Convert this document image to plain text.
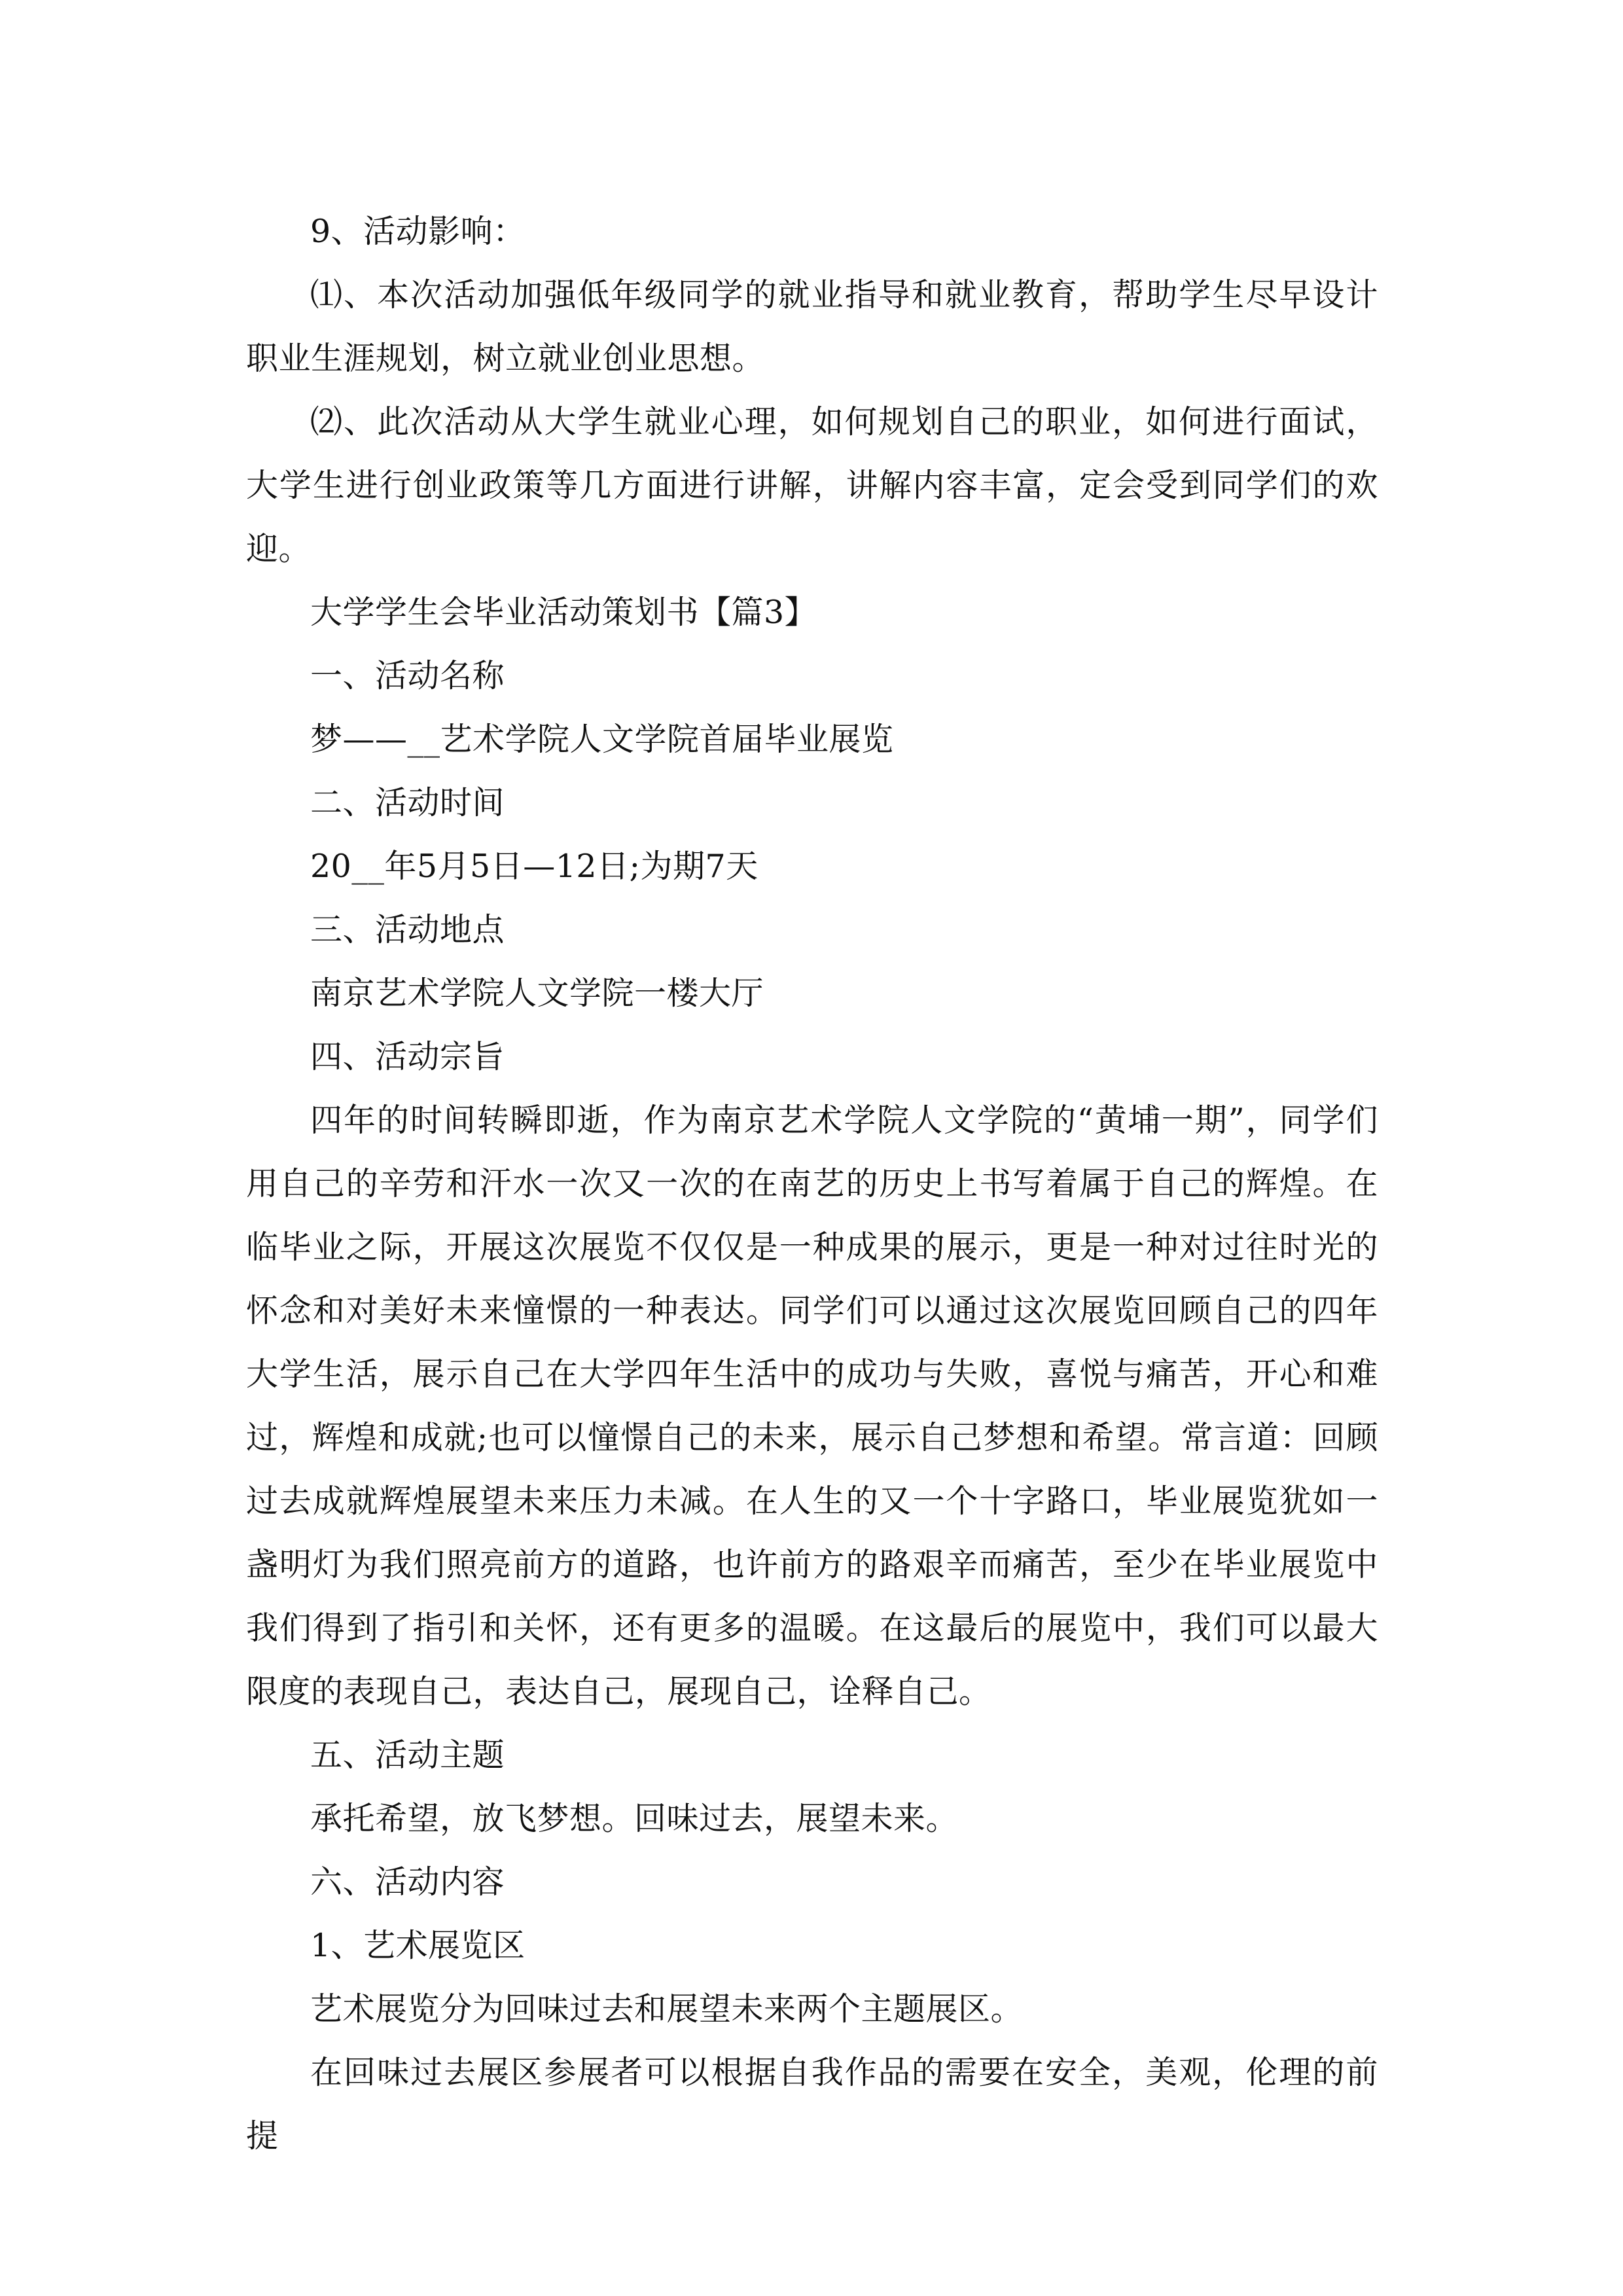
9、活动影响：

⑴、本次活动加强低年级同学的就业指导和就业教育，帮助学生尽早设计职业生涯规划，树立就业创业思想。

⑵、此次活动从大学生就业心理，如何规划自己的职业，如何进行面试，大学生进行创业政策等几方面进行讲解，讲解内容丰富，定会受到同学们的欢迎。

大学学生会毕业活动策划书【篇3】

一、活动名称

梦——__艺术学院人文学院首届毕业展览

二、活动时间

20__年5月5日—12日;为期7天

三、活动地点

南京艺术学院人文学院一楼大厅

四、活动宗旨

四年的时间转瞬即逝，作为南京艺术学院人文学院的“黄埔一期”，同学们用自己的辛劳和汗水一次又一次的在南艺的历史上书写着属于自己的辉煌。在临毕业之际，开展这次展览不仅仅是一种成果的展示，更是一种对过往时光的怀念和对美好未来憧憬的一种表达。同学们可以通过这次展览回顾自己的四年大学生活，展示自己在大学四年生活中的成功与失败，喜悦与痛苦，开心和难过，辉煌和成就;也可以憧憬自己的未来，展示自己梦想和希望。常言道：回顾过去成就辉煌展望未来压力未减。在人生的又一个十字路口，毕业展览犹如一盏明灯为我们照亮前方的道路，也许前方的路艰辛而痛苦，至少在毕业展览中我们得到了指引和关怀，还有更多的温暖。在这最后的展览中，我们可以最大限度的表现自己，表达自己，展现自己，诠释自己。

五、活动主题

承托希望，放飞梦想。回味过去，展望未来。

六、活动内容

1、艺术展览区

艺术展览分为回味过去和展望未来两个主题展区。

在回味过去展区参展者可以根据自我作品的需要在安全，美观，伦理的前提
